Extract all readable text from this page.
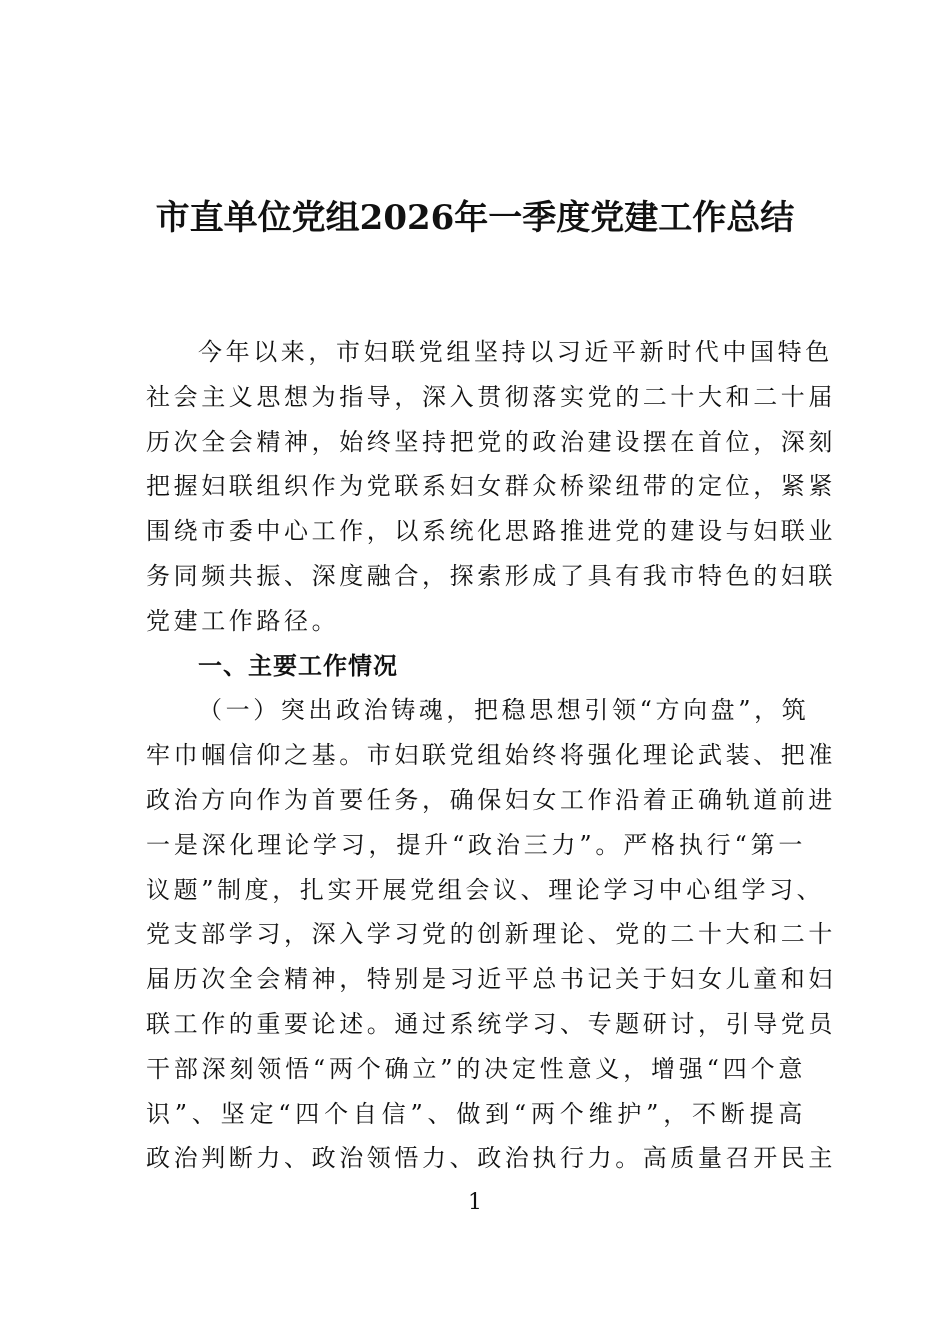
市直单位党组2026年一季度党建工作总结
今年以来，市妇联党组坚持以习近平新时代中国特色
社会主义思想为指导，深入贯彻落实党的二十大和二十届
历次全会精神，始终坚持把党的政治建设摆在首位，深刻
把握妇联组织作为党联系妇女群众桥梁纽带的定位，紧紧
围绕市委中心工作，以系统化思路推进党的建设与妇联业
务同频共振、深度融合，探索形成了具有我市特色的妇联
党建工作路径。
一、主要工作情况
（一）突出政治铸魂，把稳思想引领“方向盘”，筑
牢巾帼信仰之基。市妇联党组始终将强化理论武装、把准
政治方向作为首要任务，确保妇女工作沿着正确轨道前进
一是深化理论学习，提升“政治三力”。严格执行“第一
议题”制度，扎实开展党组会议、理论学习中心组学习、
党支部学习，深入学习党的创新理论、党的二十大和二十
届历次全会精神，特别是习近平总书记关于妇女儿童和妇
联工作的重要论述。通过系统学习、专题研讨，引导党员
干部深刻领悟“两个确立”的决定性意义，增强“四个意
识”、坚定“四个自信”、做到“两个维护”，不断提高
政治判断力、政治领悟力、政治执行力。高质量召开民主
1
